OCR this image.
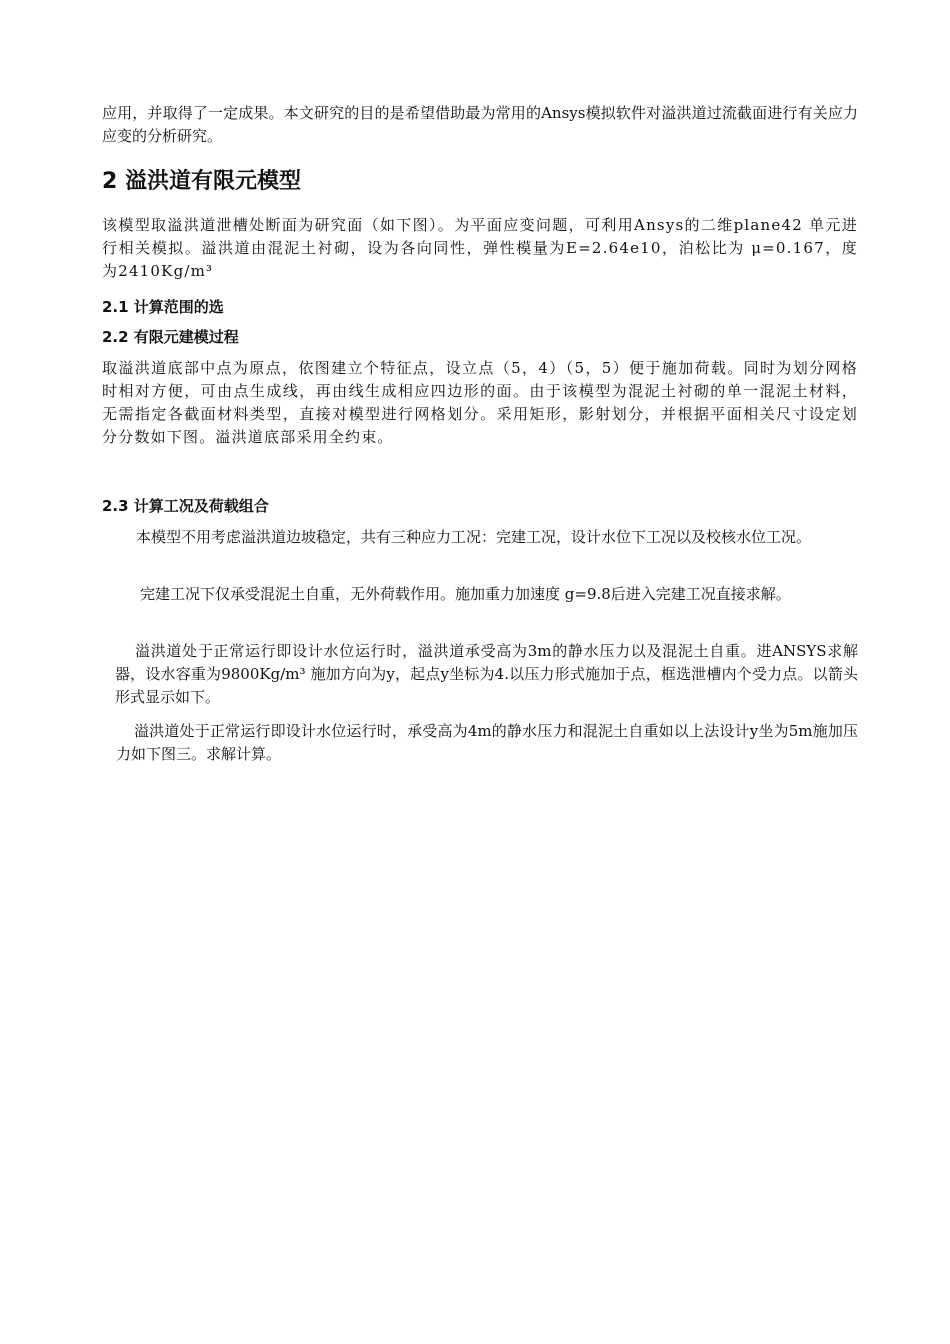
应用，并取得了一定成果。本文研究的目的是希望借助最为常用的Ansys模拟软件对溢洪道过流截面进行有关应力应变的分析研究。

2 溢洪道有限元模型

该模型取溢洪道泄槽处断面为研究面（如下图）。为平面应变问题，可利用Ansys的二维plane42 单元进行相关模拟。溢洪道由混泥土衬砌，设为各向同性，弹性模量为E=2.64e10，泊松比为 μ=0.167，度为2410Kg/m³

2.1 计算范围的选
2.2 有限元建模过程

取溢洪道底部中点为原点，依图建立个特征点，设立点（5，4）（5，5）便于施加荷载。同时为划分网格时相对方便，可由点生成线，再由线生成相应四边形的面。由于该模型为混泥土衬砌的单一混泥土材料，无需指定各截面材料类型，直接对模型进行网格划分。采用矩形，影射划分，并根据平面相关尺寸设定划分分数如下图。溢洪道底部采用全约束。

2.3 计算工况及荷载组合

本模型不用考虑溢洪道边坡稳定，共有三种应力工况：完建工况，设计水位下工况以及校核水位工况。

完建工况下仅承受混泥土自重，无外荷载作用。施加重力加速度 g=9.8后进入完建工况直接求解。

溢洪道处于正常运行即设计水位运行时，溢洪道承受高为3m的静水压力以及混泥土自重。进ANSYS求解器，设水容重为9800Kg/m³ 施加方向为y，起点y坐标为4.以压力形式施加于点，框选泄槽内个受力点。以箭头形式显示如下。

溢洪道处于正常运行即设计水位运行时，承受高为4m的静水压力和混泥土自重如以上法设计y坐为5m施加压力如下图三。求解计算。
